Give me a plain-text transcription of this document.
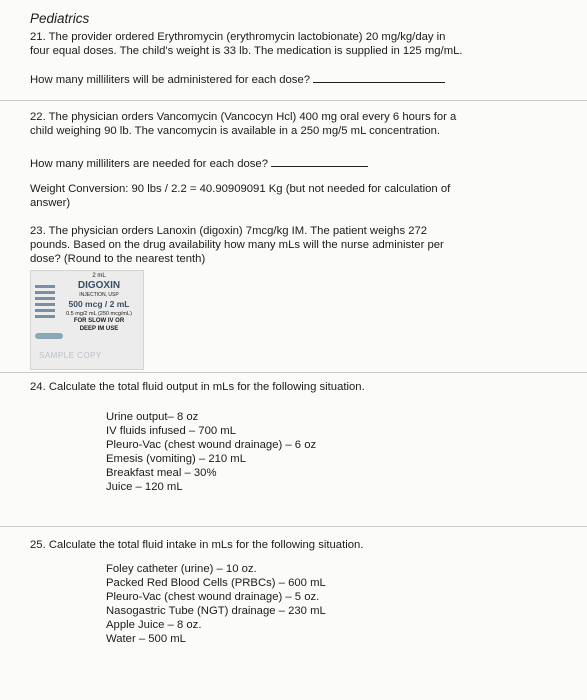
Pediatrics
21. The provider ordered Erythromycin (erythromycin lactobionate) 20 mg/kg/day in
four equal doses. The child's weight is 33 lb. The medication is supplied in 125 mg/mL.
How many milliliters will be administered for each dose?
22. The physician orders Vancomycin (Vancocyn Hcl) 400 mg oral every 6 hours for a
child weighing 90 lb. The vancomycin is available in a 250 mg/5 mL concentration.
How many milliliters are needed for each dose?
Weight Conversion: 90 lbs / 2.2 = 40.90909091 Kg (but not needed for calculation of
answer)
23. The physician orders Lanoxin (digoxin) 7mcg/kg IM. The patient weighs 272
pounds. Based on the drug availability how many mLs will the nurse administer per
dose? (Round to the nearest tenth)
2 mL
DIGOXIN
INJECTION, USP
500 mcg / 2 mL
0.5 mg/2 mL (250 mcg/mL)
FOR SLOW IV OR
DEEP IM USE
SAMPLE COPY
24. Calculate the total fluid output in mLs for the following situation.
Urine output– 8 oz
IV fluids infused – 700 mL
Pleuro-Vac (chest wound drainage) – 6 oz
Emesis (vomiting) – 210 mL
Breakfast meal – 30%
Juice – 120 mL
25. Calculate the total fluid intake in mLs for the following situation.
Foley catheter (urine) – 10 oz.
Packed Red Blood Cells (PRBCs) – 600 mL
Pleuro-Vac (chest wound drainage) – 5 oz.
Nasogastric Tube (NGT) drainage – 230 mL
Apple Juice – 8 oz.
Water – 500 mL
